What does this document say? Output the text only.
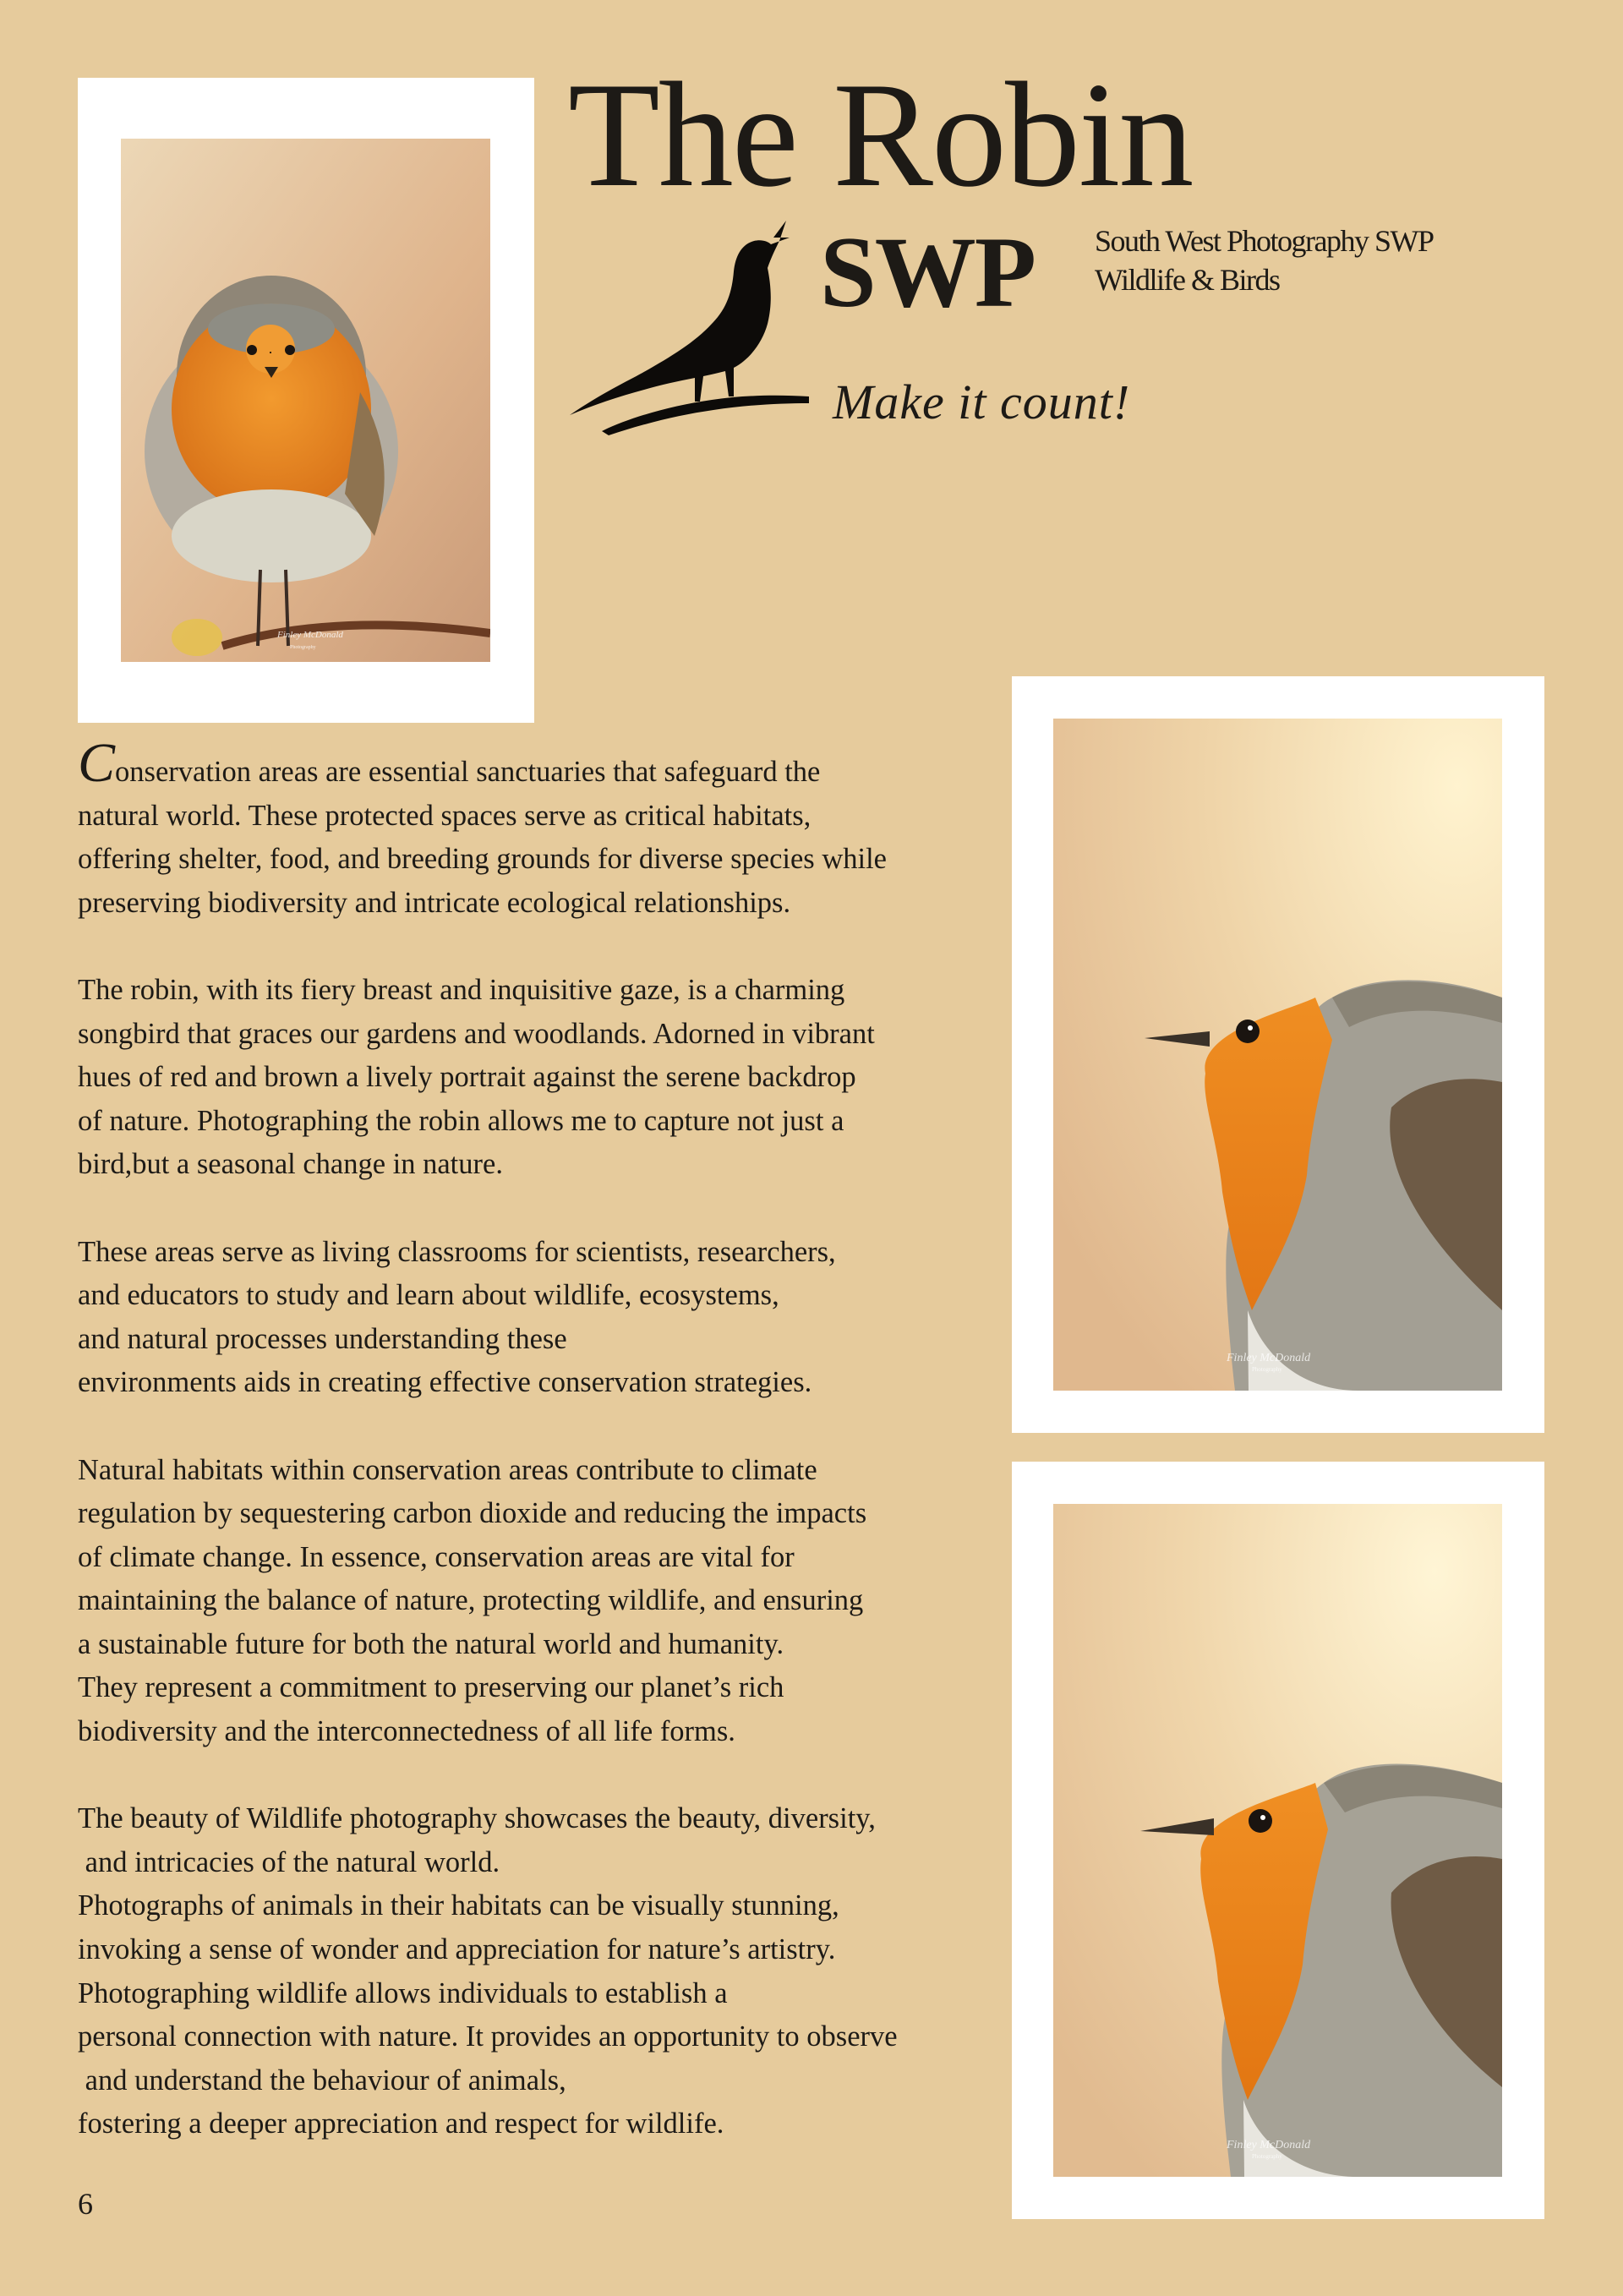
Finley McDonald
Photography
The Robin
SWP South West Photography SWP
Wildlife & Birds
Make it count!
Finley McDonald
Photography
Finley McDonald
Photography

Conservation areas are essential sanctuaries that safeguard the
natural world. These protected spaces serve as critical habitats,
offering shelter, food, and breeding grounds for diverse species while
preserving biodiversity and intricate ecological relationships.

The robin, with its fiery breast and inquisitive gaze, is a charming
songbird that graces our gardens and woodlands. Adorned in vibrant
hues of red and brown a lively portrait against the serene backdrop
of nature. Photographing the robin allows me to capture not just a
bird,but a seasonal change in nature.

These areas serve as living classrooms for scientists, researchers,
and educators to study and learn about wildlife, ecosystems,
and natural processes understanding these
environments aids in creating effective conservation strategies.

Natural habitats within conservation areas contribute to climate
regulation by sequestering carbon dioxide and reducing the impacts
of climate change. In essence, conservation areas are vital for
maintaining the balance of nature, protecting wildlife, and ensuring
a sustainable future for both the natural world and humanity.
They represent a commitment to preserving our planet’s rich
biodiversity and the interconnectedness of all life forms.

The beauty of Wildlife photography showcases the beauty, diversity,
and intricacies of the natural world.
Photographs of animals in their habitats can be visually stunning,
invoking a sense of wonder and appreciation for nature’s artistry.
Photographing wildlife allows individuals to establish a
personal connection with nature. It provides an opportunity to observe
and understand the behaviour of animals,
fostering a deeper appreciation and respect for wildlife.

6
